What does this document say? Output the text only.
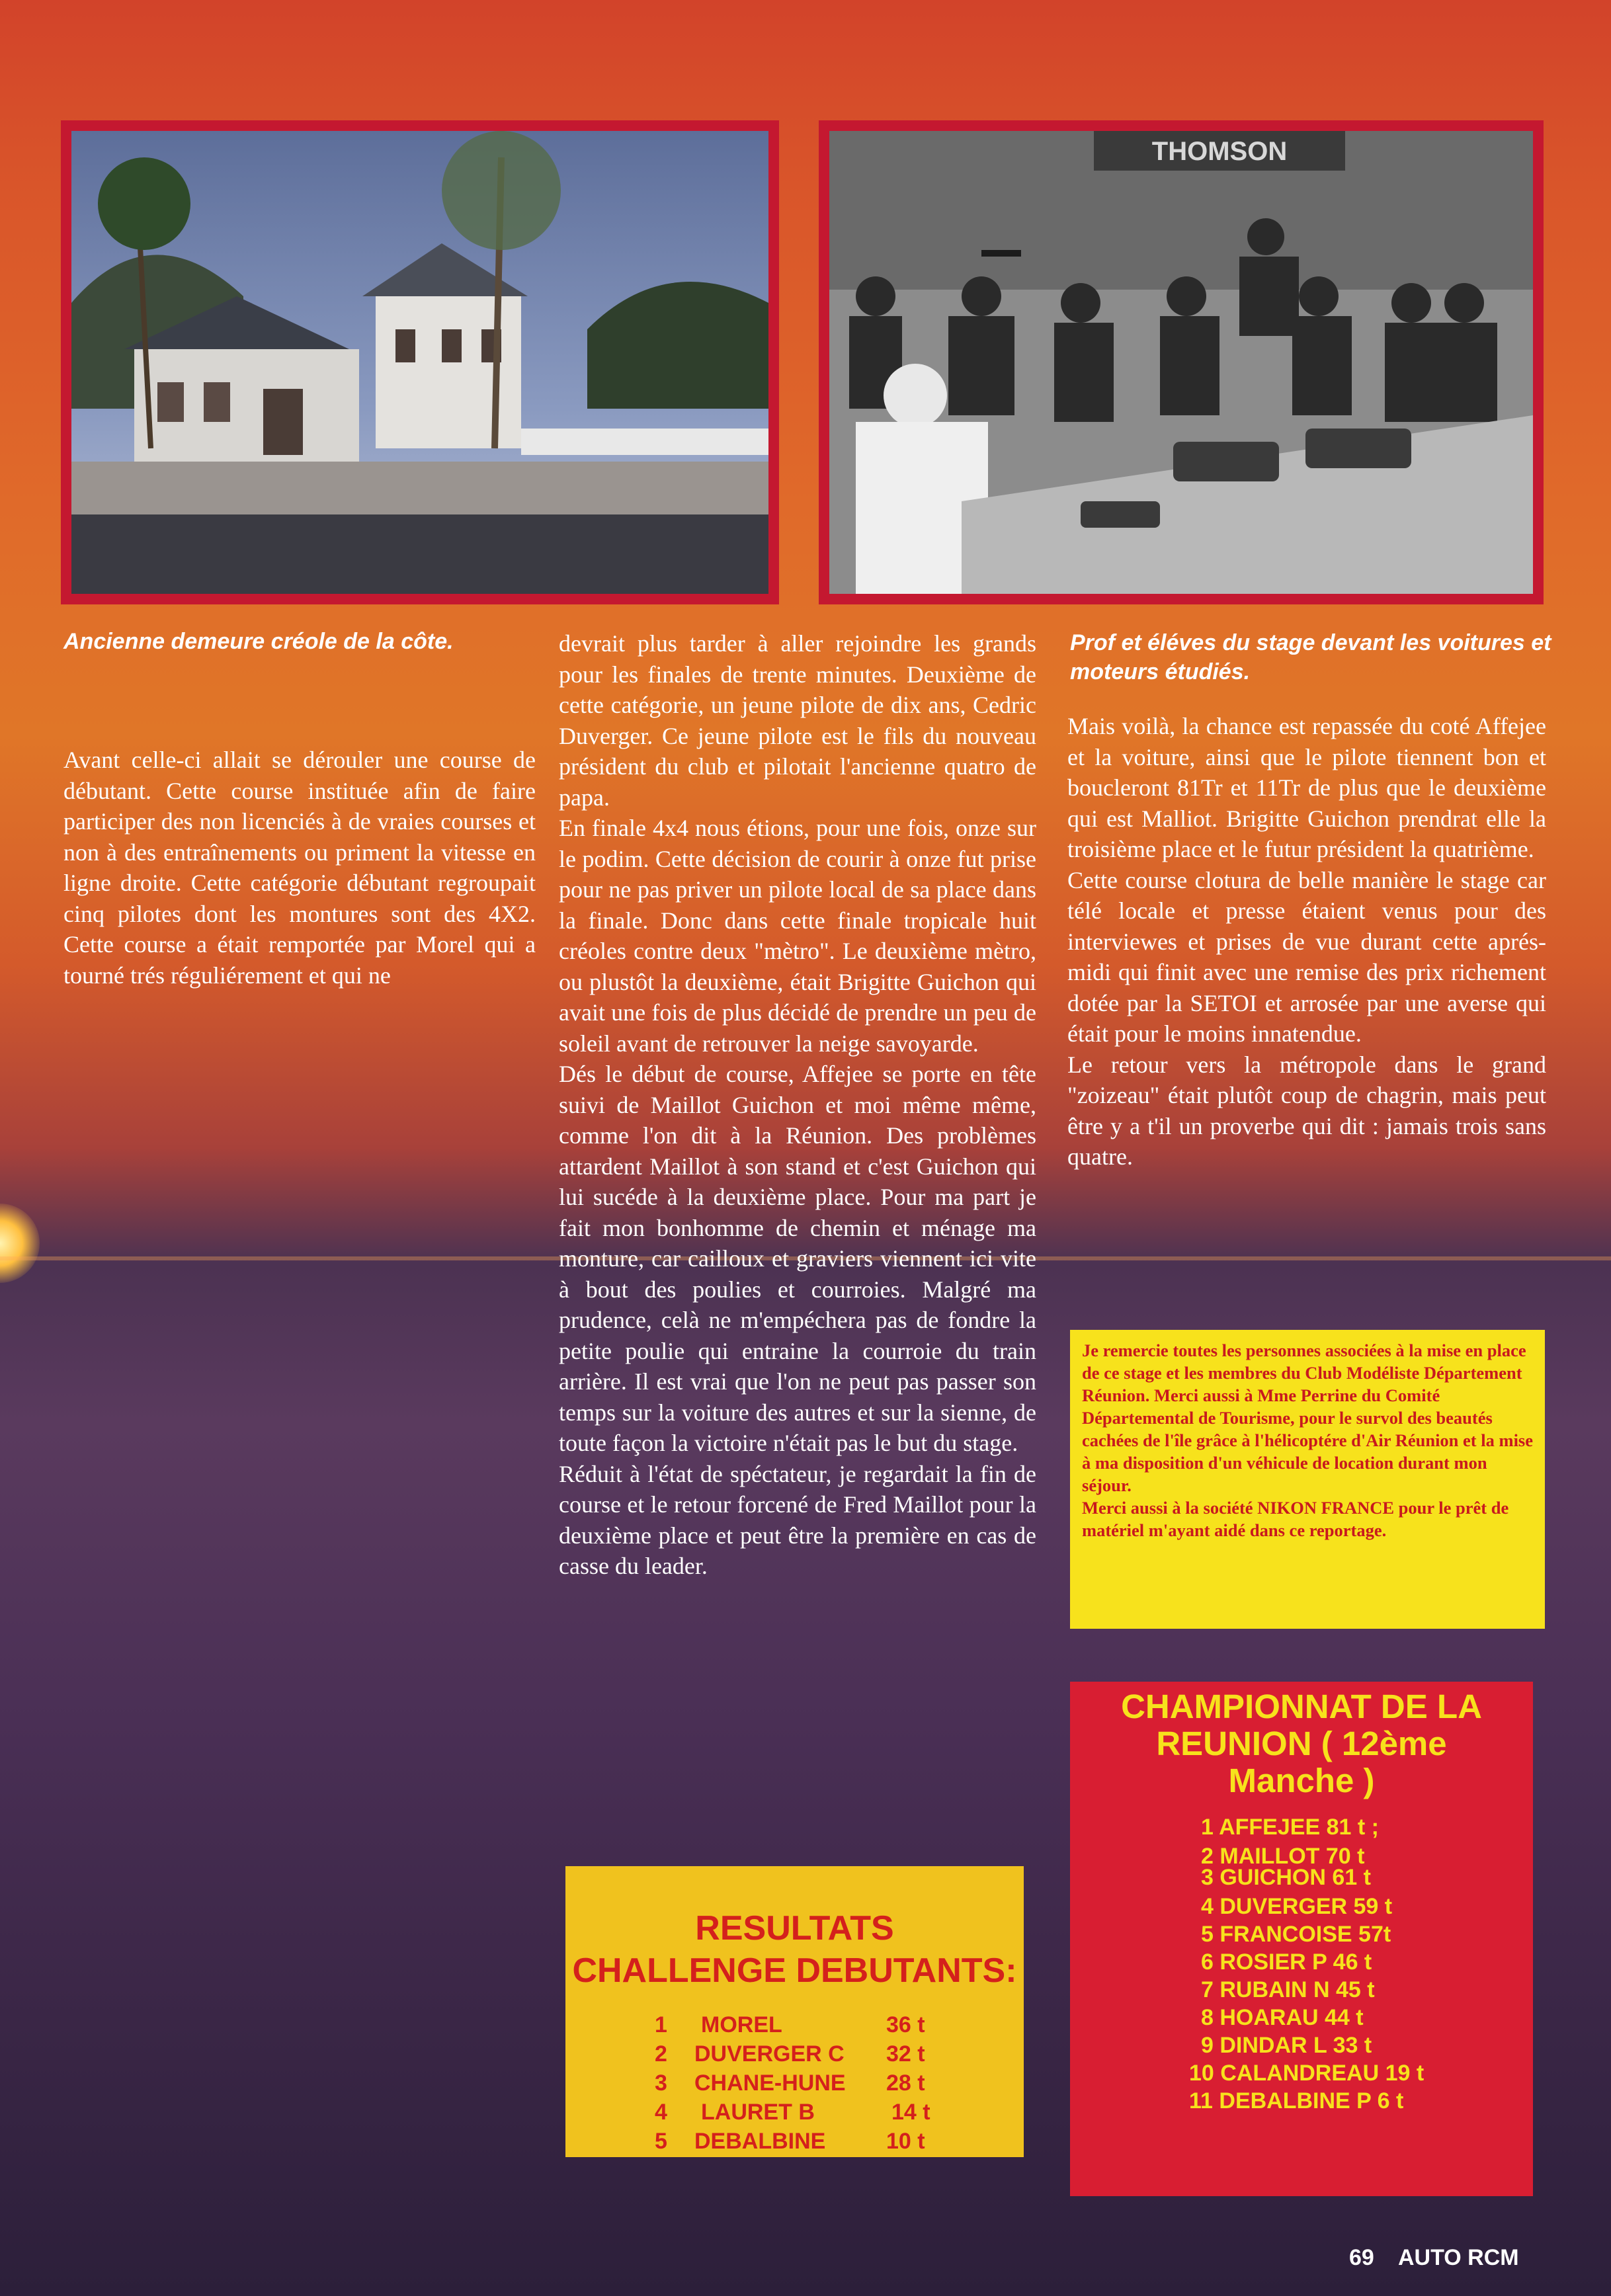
THOMSON
Ancienne demeure créole de la côte.	Prof et éléves du stage devant les voitures et moteurs étudiés.

Avant celle-ci allait se dérouler une course de débutant. Cette course instituée afin de faire participer des non licenciés à de vraies courses et non à des entraînements ou priment la vitesse en ligne droite. Cette catégorie débutant regroupait cinq pilotes dont les montures sont des 4X2. Cette course a était remportée par Morel qui a tourné trés réguliérement et qui ne

devrait plus tarder à aller rejoindre les grands pour les finales de trente minutes. Deuxième de cette catégorie, un jeune pilote de dix ans, Cedric Duverger. Ce jeune pilote est le fils du nouveau président du club et pilotait l'ancienne quatro de papa.

En finale 4x4 nous étions, pour une fois, onze sur le podim. Cette décision de courir à onze fut prise pour ne pas priver un pilote local de sa place dans la finale. Donc dans cette finale tropicale huit créoles contre deux "mètro". Le deuxième mètro, ou plustôt la deuxième, était Brigitte Guichon qui avait une fois de plus décidé de prendre un peu de soleil avant de retrouver la neige savoyarde.

Dés le début de course, Affejee se porte en tête suivi de Maillot Guichon et moi même même, comme l'on dit à la Réunion. Des problèmes attardent Maillot à son stand et c'est Guichon qui lui sucéde à la deuxième place. Pour ma part je fait mon bonhomme de chemin et ménage ma monture, car cailloux et graviers viennent ici vite à bout des poulies et courroies. Malgré ma prudence, celà ne m'empéchera pas de fondre la petite poulie qui entraine la courroie du train arrière. Il est vrai que l'on ne peut pas passer son temps sur la voiture des autres et sur la sienne, de toute façon la victoire n'était pas le but du stage.

Réduit à l'état de spéctateur, je regardait la fin de course et le retour forcené de Fred Maillot pour la deuxième place et peut être la première en cas de casse du leader.

Mais voilà, la chance est repassée du coté Affejee et la voiture, ainsi que le pilote tiennent bon et boucleront 81Tr et 11Tr de plus que le deuxième qui est Malliot. Brigitte Guichon prendrat elle la troisième place et le futur président la quatrième.

Cette course clotura de belle manière le stage car télé locale et presse étaient venus pour des interviewes et prises de vue durant cette aprés-midi qui finit avec une remise des prix richement dotée par la SETOI et arrosée par une averse qui était pour le moins innatendue.

Le retour vers la métropole dans le grand "zoizeau" était plutôt coup de chagrin, mais peut être y a t'il un proverbe qui dit : jamais trois sans quatre.

Je remercie toutes les personnes associées à la mise en place de ce stage et les membres du Club Modéliste Département Réunion. Merci aussi à Mme Perrine du Comité Départemental de Tourisme, pour le survol des beautés cachées de l'île grâce à l'hélicoptére d'Air Réunion et la mise à ma disposition d'un véhicule de location durant mon séjour.

Merci aussi à la société NIKON FRANCE pour le prêt de matériel m'ayant aidé dans ce reportage.

RESULTATS
CHALLENGE DEBUTANTS:
1 MOREL	36 t
2 DUVERGER C 32 t
3 CHANE-HUNE 28 t
4 LAURET B	14 t
5 DEBALBINE	10 t
CHAMPIONNAT DE LA
REUNION ( 12ème
Manche )
1 AFFEJEE 81 t ;
2 MAILLOT 70 t
3 GUICHON 61 t
4 DUVERGER 59 t
5 FRANCOISE 57t
6 ROSIER P 46 t
7 RUBAIN N 45 t
8 HOARAU 44 t
9 DINDAR L 33 t
10 CALANDREAU 19 t
11 DEBALBINE P 6 t
69 AUTO RCM
